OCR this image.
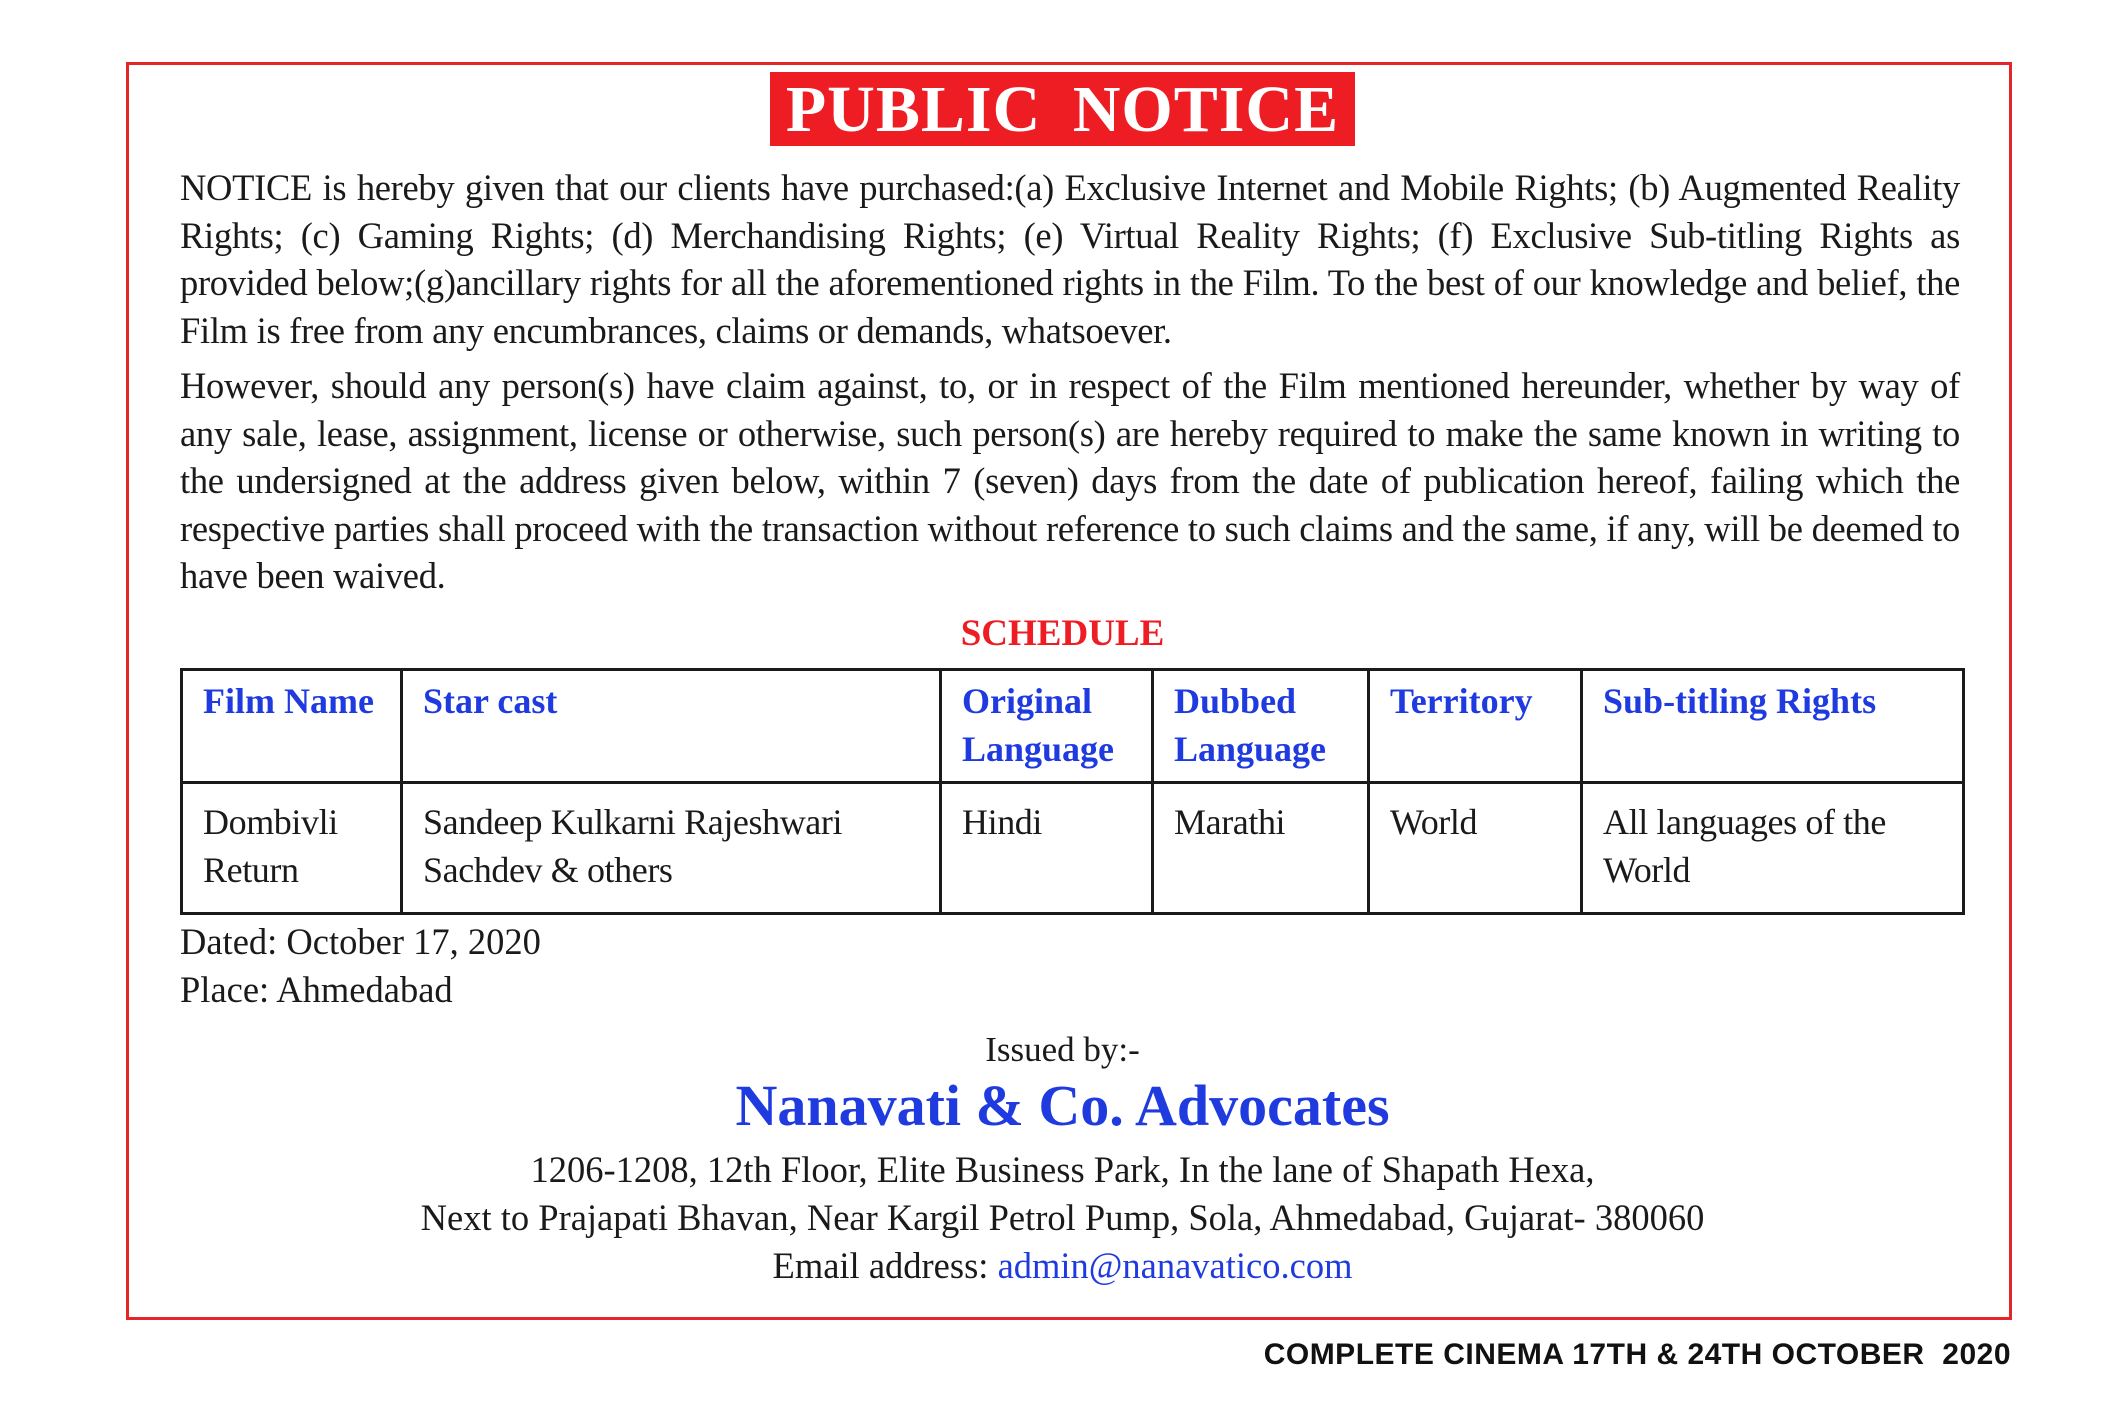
PUBLIC NOTICE

NOTICE is hereby given that our clients have purchased:(a) Exclusive Internet and Mobile Rights; (b) Augmented Reality Rights; (c) Gaming Rights; (d) Merchandising Rights; (e) Virtual Reality Rights; (f) Exclusive Sub-titling Rights as provided below;(g)ancillary rights for all the aforementioned rights in the Film. To the best of our knowledge and belief, the Film is free from any encumbrances, claims or demands, whatsoever.

However, should any person(s) have claim against, to, or in respect of the Film mentioned hereunder, whether by way of any sale, lease, assignment, license or otherwise, such person(s) are hereby required to make the same known in writing to the undersigned at the address given below, within 7 (seven) days from the date of publication hereof, failing which the respective parties shall proceed with the transaction without reference to such claims and the same, if any, will be deemed to have been waived.

SCHEDULE
Film Name	Star cast	Original Language	Dubbed Language	Territory	Sub-titling Rights
Dombivli Return	Sandeep Kulkarni Rajeshwari Sachdev & others	Hindi	Marathi	World	All languages of the World
Dated: October 17, 2020
Place: Ahmedabad
Issued by:-
Nanavati & Co. Advocates
1206-1208, 12th Floor, Elite Business Park, In the lane of Shapath Hexa,
Next to Prajapati Bhavan, Near Kargil Petrol Pump, Sola, Ahmedabad, Gujarat- 380060
Email address: admin@nanavatico.com
COMPLETE CINEMA 17TH & 24TH OCTOBER  2020
